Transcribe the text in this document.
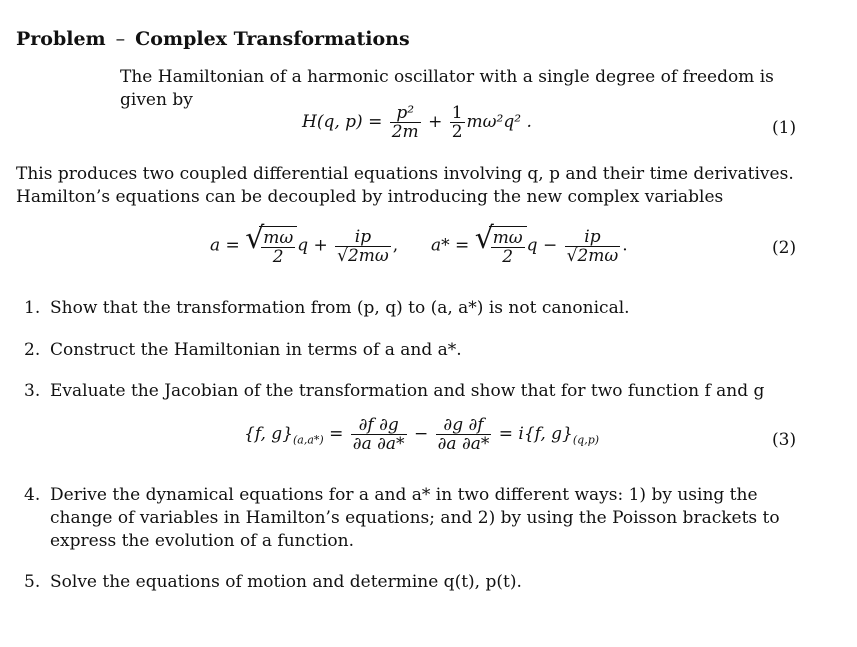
Problem – Complex Transformations
The Hamiltonian of a harmonic oscillator with a single degree of freedom is given by
H(q, $p) = \frac{\text{p²}}{2m} + \frac{1}{2} m\omega^2q^2$ .	(1)
This produces two coupled differential equations involving q, p and their time derivatives. Hamilton’s equations can be decoupled by introducing the new complex variables
a = √
$\frac{m\omega}{2}$ $q + \frac{ip}{√2m\omega}$ , a* = √
$\frac{m\omega}{2}$ $q - \frac{ip}{√2m\omega}$ .	(2)
1. Show that the transformation from (p, q) to (a, a*) is not canonical.
2. Construct the Hamiltonian in terms of a and a*.
3. Evaluate the Jacobian of the transformation and show that for two function f and g
{f, $g\}_{(a,a*)} = \frac{\partial f \partial g}{\partial a \partial a*} - \frac{\partial g \partial f}{\partial a \partial a*} = i\{f$, $g\}_{(q,p)}$	(3)
4. Derive the dynamical equations for a and a* in two different ways: 1) by using the change of variables in Hamilton’s equations; and 2) by using the Poisson brackets to express the evolution of a function.
5. Solve the equations of motion and determine q(t), p(t).
